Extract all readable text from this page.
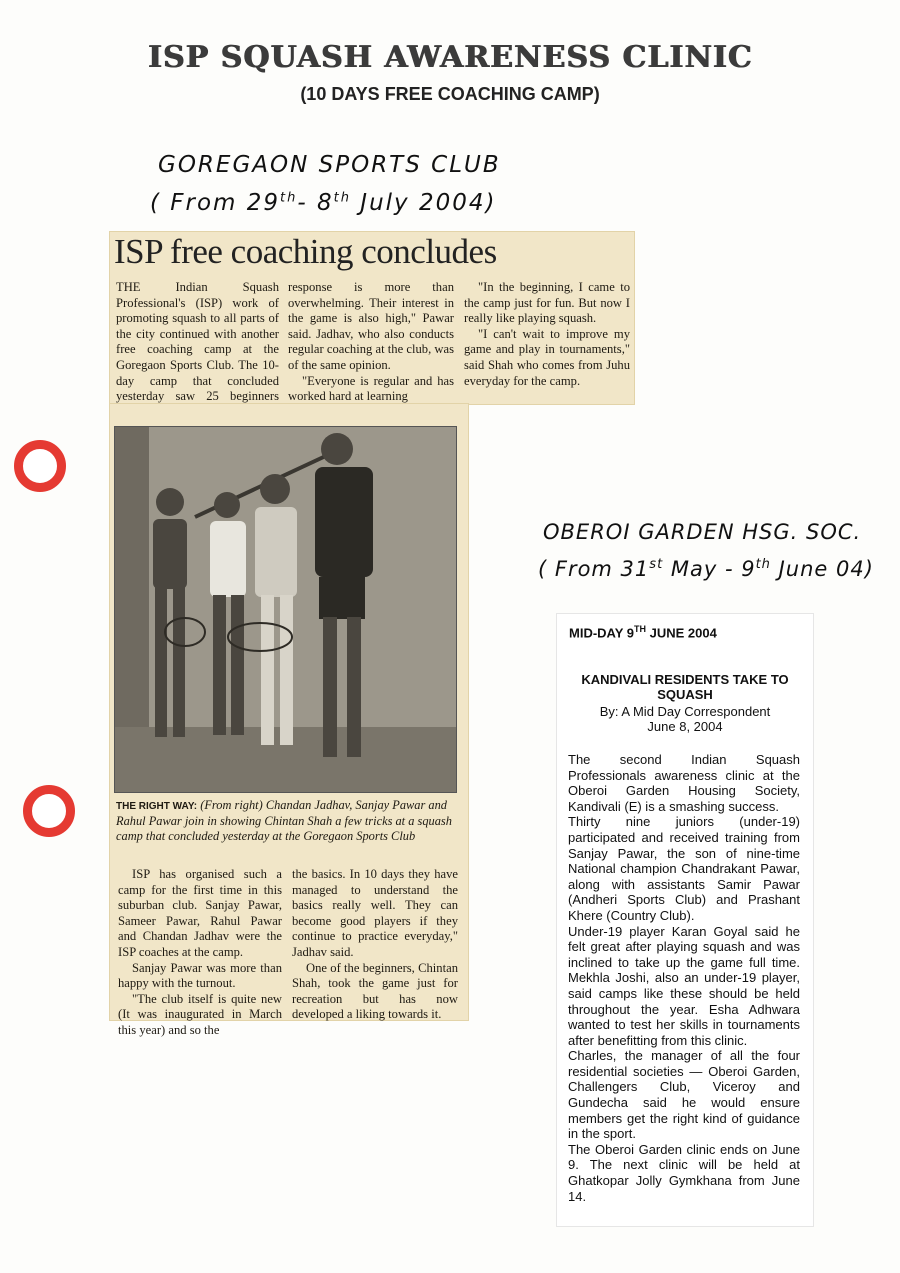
ISP SQUASH AWARENESS CLINIC
(10 DAYS FREE COACHING CAMP)
GOREGAON SPORTS CLUB
( From 29th- 8th July 2004)
OBEROI GARDEN HSG. SOC.
( From 31st May - 9th June 04)
ISP free coaching concludes

THE Indian Squash Professional's (ISP) work of promoting squash to all parts of the city continued with another free coaching camp at the Goregaon Sports Club. The 10-day camp that concluded yesterday saw 25 beginners

response is more than overwhelming. Their interest in the game is also high," Pawar said. Jadhav, who also conducts regular coaching at the club, was of the same opinion.

"Everyone is regular and has worked hard at learning

"In the beginning, I came to the camp just for fun. But now I really like playing squash.

"I can't wait to improve my game and play in tournaments," said Shah who comes from Juhu everyday for the camp.

THE RIGHT WAY: (From right) Chandan Jadhav, Sanjay Pawar and Rahul Pawar join in showing Chintan Shah a few tricks at a squash camp that concluded yesterday at the Goregaon Sports Club

ISP has organised such a camp for the first time in this suburban club. Sanjay Pawar, Sameer Pawar, Rahul Pawar and Chandan Jadhav were the ISP coaches at the camp.

Sanjay Pawar was more than happy with the turnout.

"The club itself is quite new (It was inaugurated in March this year) and so the

the basics. In 10 days they have managed to understand the basics really well. They can become good players if they continue to practice everyday," Jadhav said.

One of the beginners, Chintan Shah, took the game just for recreation but has now developed a liking towards it.

MID-DAY 9TH JUNE 2004
KANDIVALI RESIDENTS TAKE TO SQUASH
By: A Mid Day Correspondent
June 8, 2004
The second Indian Squash Professionals awareness clinic at the Oberoi Garden Housing Society, Kandivali (E) is a smashing success.
Thirty nine juniors (under-19) participated and received training from Sanjay Pawar, the son of nine-time National champion Chandrakant Pawar, along with assistants Samir Pawar (Andheri Sports Club) and Prashant Khere (Country Club).
Under-19 player Karan Goyal said he felt great after playing squash and was inclined to take up the game full time. Mekhla Joshi, also an under-19 player, said camps like these should be held throughout the year. Esha Adhwara wanted to test her skills in tournaments after benefitting from this clinic.
Charles, the manager of all the four residential societies — Oberoi Garden, Challengers Club, Viceroy and Gundecha said he would ensure members get the right kind of guidance in the sport.
The Oberoi Garden clinic ends on June 9. The next clinic will be held at Ghatkopar Jolly Gymkhana from June 14.
